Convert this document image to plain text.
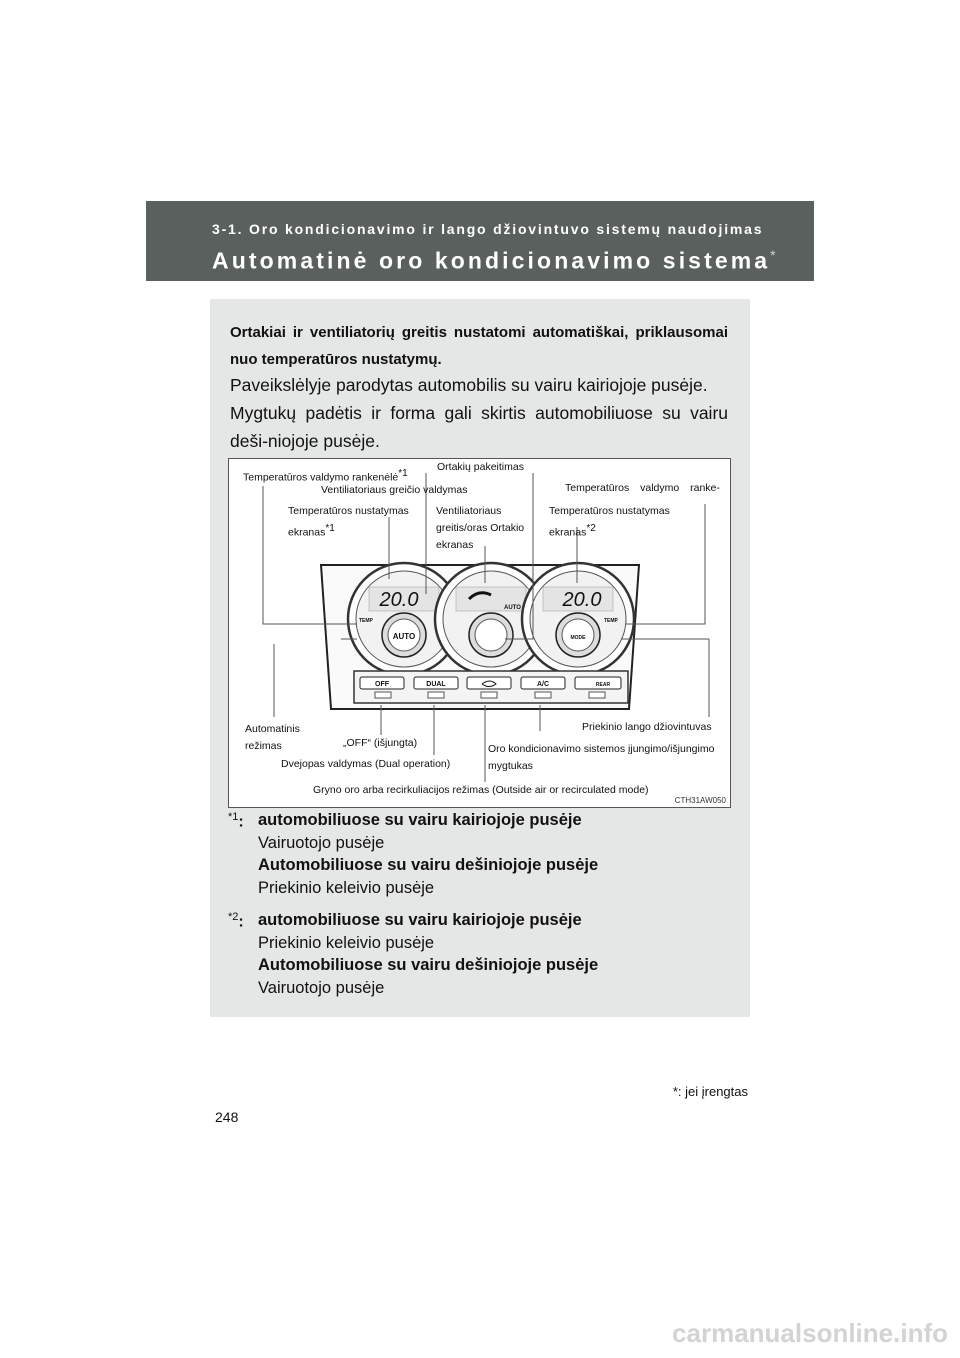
3-1. Oro kondicionavimo ir lango džiovintuvo sistemų naudojimas
Automatinė oro kondicionavimo sistema*
Ortakiai ir ventiliatorių greitis nustatomi automatiškai, priklausomai nuo temperatūros nustatymų.

Paveikslėlyje parodytas automobilis su vairu kairiojoje pusėje.

Mygtukų padėtis ir forma gali skirtis automobiliuose su vairu deši-niojoje pusėje.

20.0	20.0
AUTO
AUTO	MODE
TEMP	TEMP
OFF	DUAL	A/C	REAR
Temperatūros valdymo rankenėlė$^{*1}$
Ortakių pakeitimas
Ventiliatoriaus greičio valdymas	Temperatūros valdymo ranke-
Temperatūros nustatymas
ekranas$^{*1}$
Ventiliatoriaus
greitis/oras Ortakio
ekranas
Temperatūros nustatymas
ekranas$^{*2}$
Automatinis
režimas	„OFF“ (išjungta)
Dvejopas valdymas (Dual operation)
Priekinio lango džiovintuvas
Oro kondicionavimo sistemos įjungimo/išjungimo
mygtukas
Gryno oro arba recirkuliacijos režimas (Outside air or recirculated mode)
CTH31AW050
$^{*1}$: automobiliuose su vairu kairiojoje pusėje
Vairuotojo pusėje
Automobiliuose su vairu dešiniojoje pusėje
Priekinio keleivio pusėje
$^{*2}$: automobiliuose su vairu kairiojoje pusėje
Priekinio keleivio pusėje
Automobiliuose su vairu dešiniojoje pusėje
Vairuotojo pusėje
*: jei įrengtas
248
carmanualsonline.info
